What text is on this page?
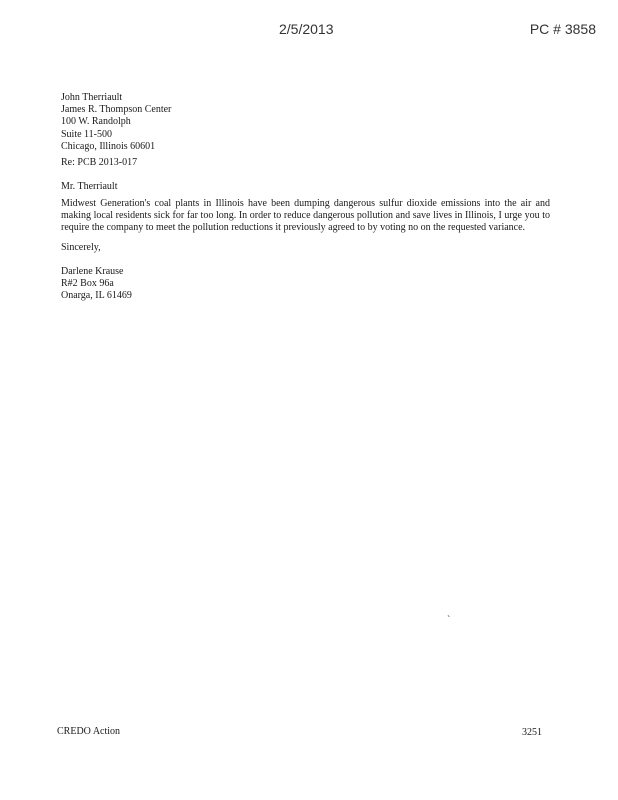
2/5/2013	PC # 3858
John Therriault
James R. Thompson Center
100 W. Randolph
Suite 11-500
Chicago, Illinois 60601
Re: PCB 2013-017
Mr. Therriault
Midwest Generation's coal plants in Illinois have been dumping dangerous sulfur dioxide emissions into the air and making local residents sick for far too long. In order to reduce dangerous pollution and save lives in Illinois, I urge you to require the company to meet the pollution reductions it previously agreed to by voting no on the requested variance.
Sincerely,
Darlene Krause
R#2 Box 96a
Onarga, IL 61469
`
CREDO Action	3251
